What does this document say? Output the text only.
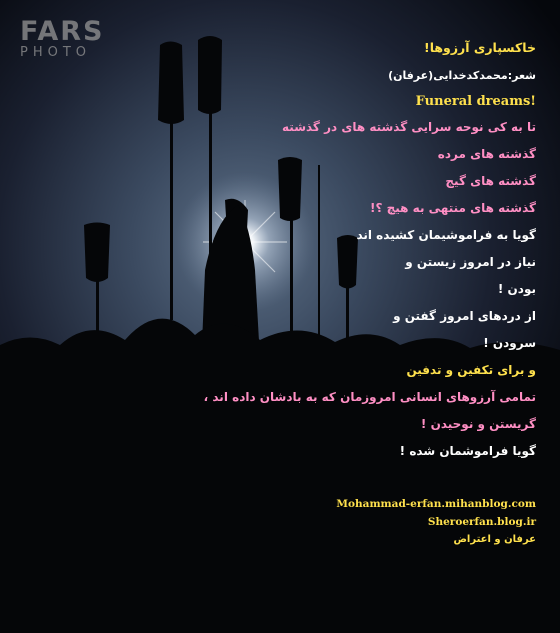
FARS
PHOTO	خاکسپاری آرزوها!
شعر:محمدکدخدایی(عرفان)
Funeral dreams!
تا به کی نوحه سرایی گذشته های در گذشته
گذشته های مرده
گذشته های گیج
گذشته های منتهی به هیچ ؟!
گویا به فراموشیمان کشیده اند
نیاز در امروز زیستن و
بودن !
از دردهای امروز گفتن و
سرودن !
و برای تکفین و تدفین
تمامی آرزوهای انسانی امروزمان که به بادشان داده اند ،
گریستن و نوحیدن !
گویا فراموشمان شده !
Mohammad-erfan.mihanblog.com
Sheroerfan.blog.ir
عرفان و اعتراض
